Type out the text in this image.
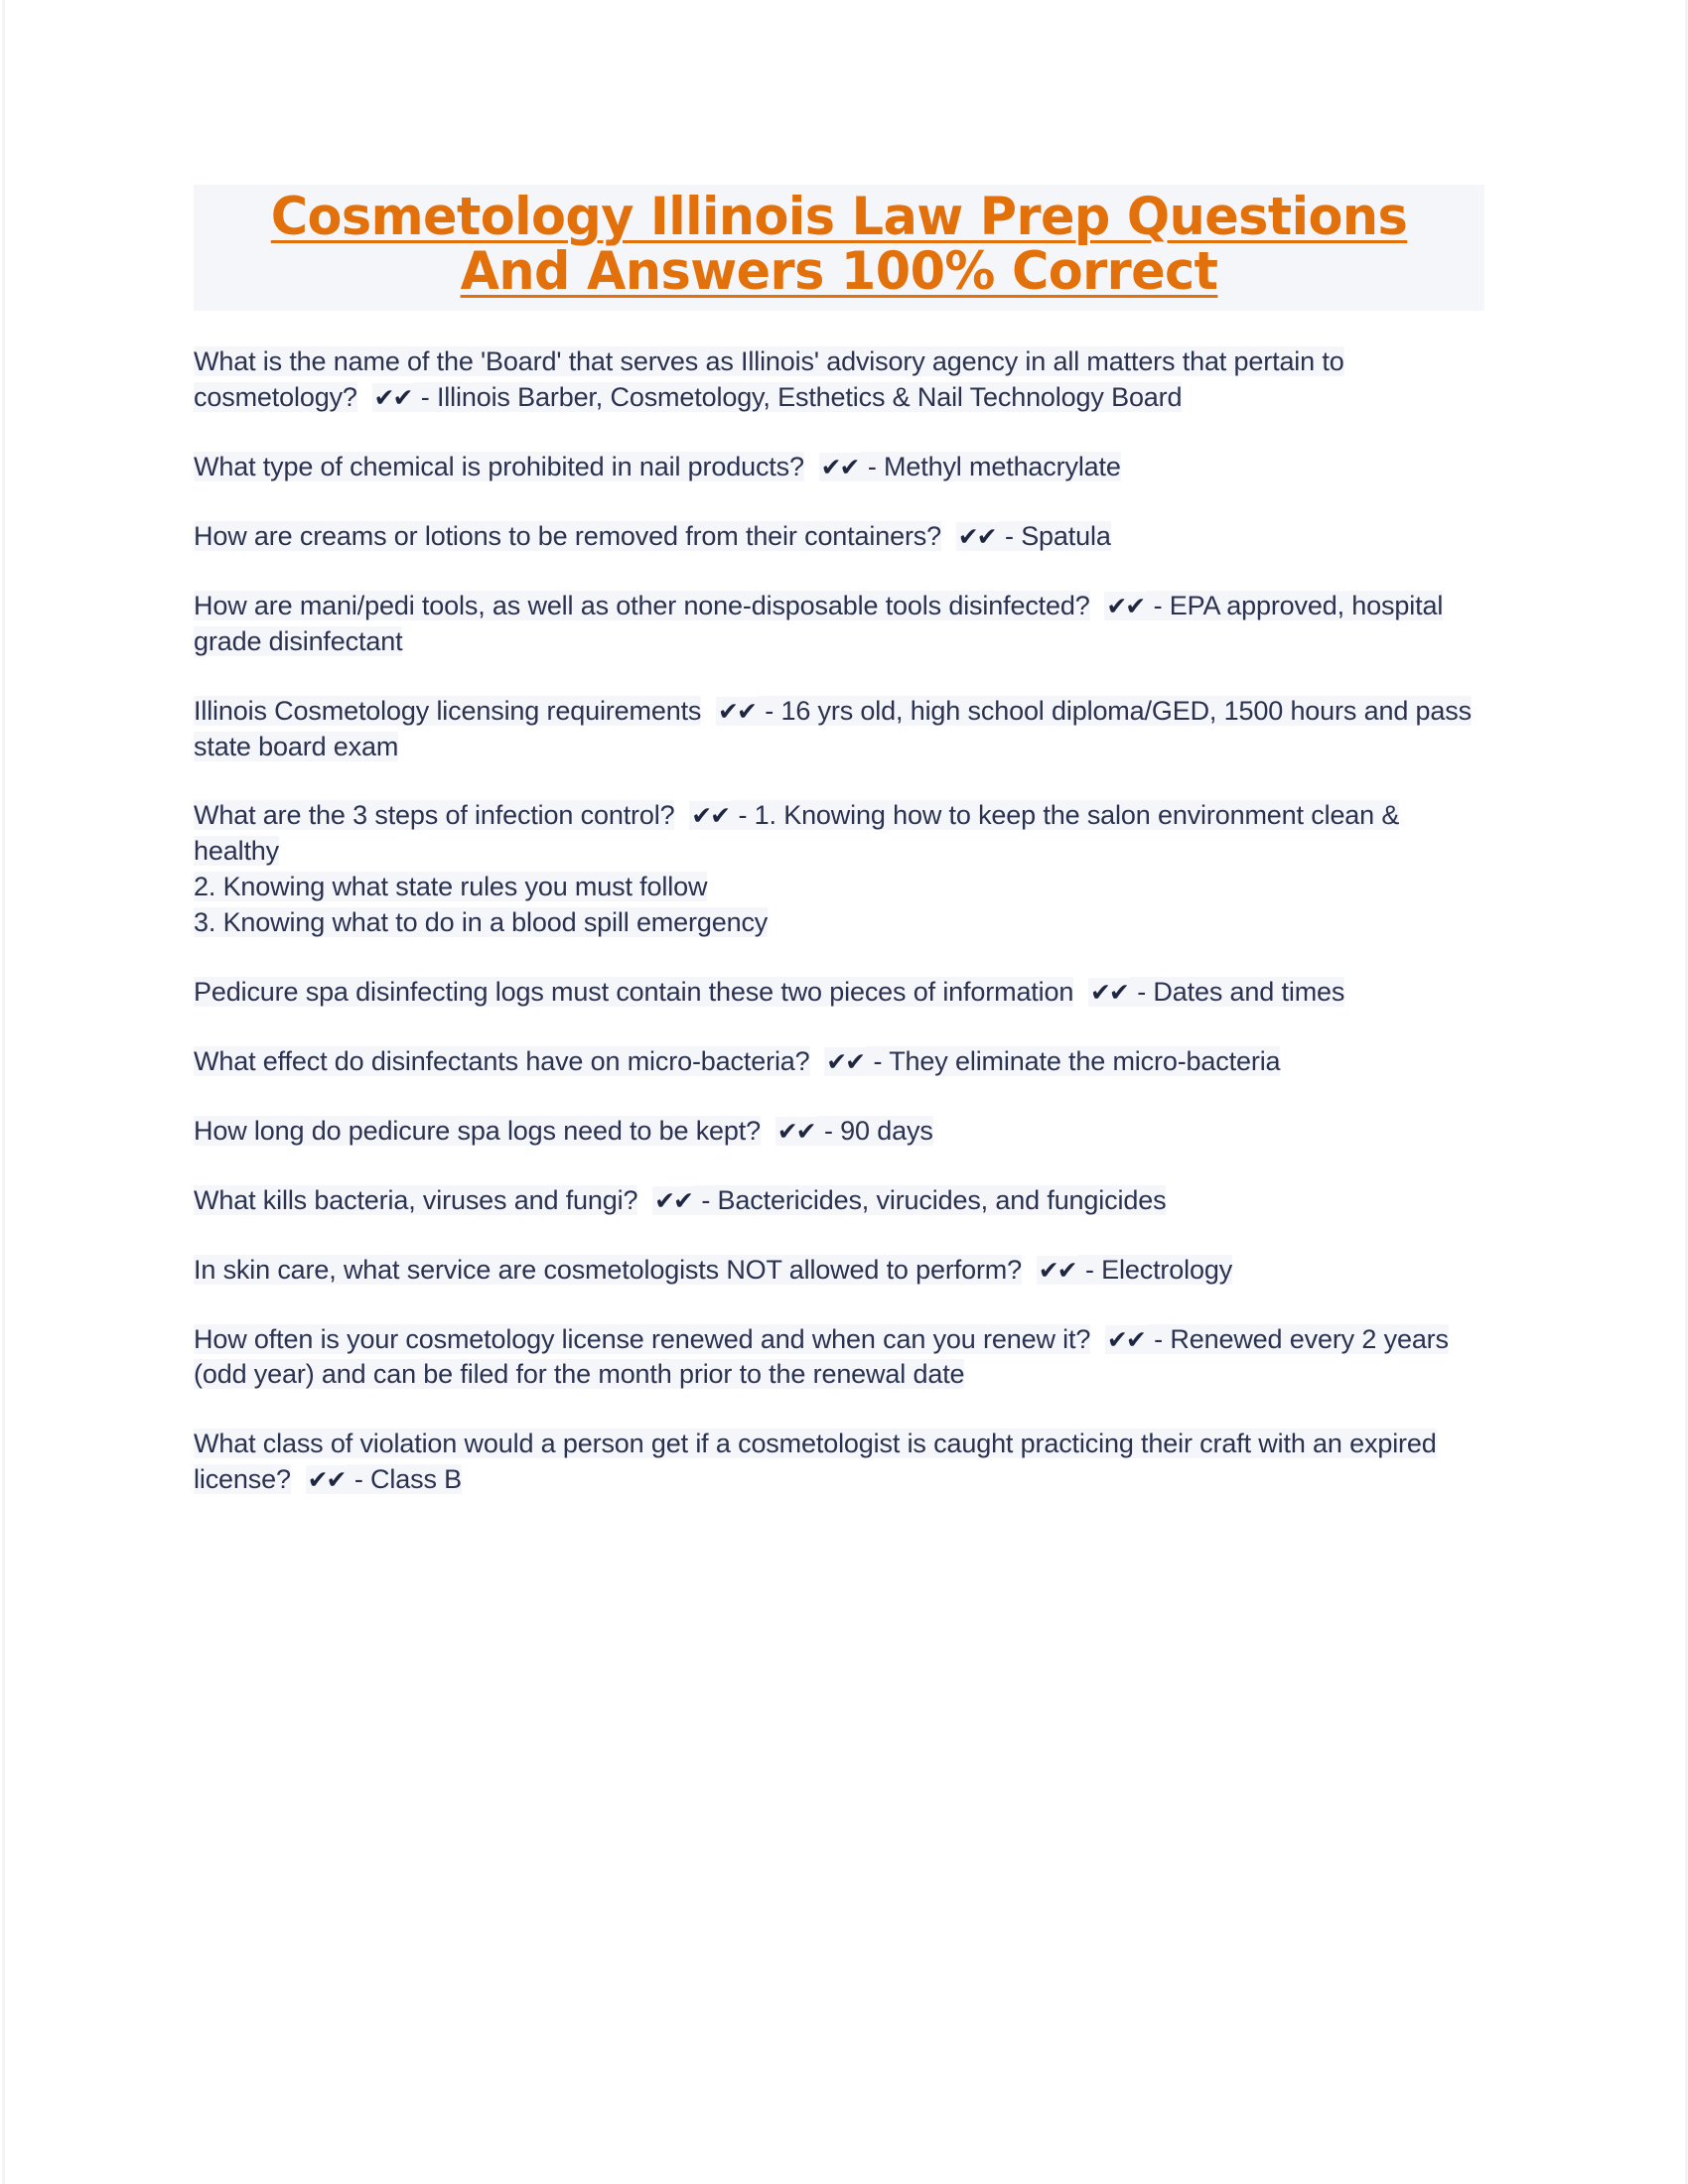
Cosmetology Illinois Law Prep Questions
And Answers 100% Correct
What is the name of the 'Board' that serves as Illinois' advisory agency in all matters that pertain to cosmetology? ✔✔ - Illinois Barber, Cosmetology, Esthetics & Nail Technology Board
What type of chemical is prohibited in nail products? ✔✔ - Methyl methacrylate
How are creams or lotions to be removed from their containers? ✔✔ - Spatula
How are mani/pedi tools, as well as other none-disposable tools disinfected? ✔✔ - EPA approved, hospital grade disinfectant
Illinois Cosmetology licensing requirements ✔✔ - 16 yrs old, high school diploma/GED, 1500 hours and pass state board exam
What are the 3 steps of infection control? ✔✔ - 1. Knowing how to keep the salon environment clean & healthy
2. Knowing what state rules you must follow
3. Knowing what to do in a blood spill emergency
Pedicure spa disinfecting logs must contain these two pieces of information ✔✔ - Dates and times
What effect do disinfectants have on micro-bacteria? ✔✔ - They eliminate the micro-bacteria
How long do pedicure spa logs need to be kept? ✔✔ - 90 days
What kills bacteria, viruses and fungi? ✔✔ - Bactericides, virucides, and fungicides
In skin care, what service are cosmetologists NOT allowed to perform? ✔✔ - Electrology
How often is your cosmetology license renewed and when can you renew it? ✔✔ - Renewed every 2 years (odd year) and can be filed for the month prior to the renewal date
What class of violation would a person get if a cosmetologist is caught practicing their craft with an expired license? ✔✔ - Class B
